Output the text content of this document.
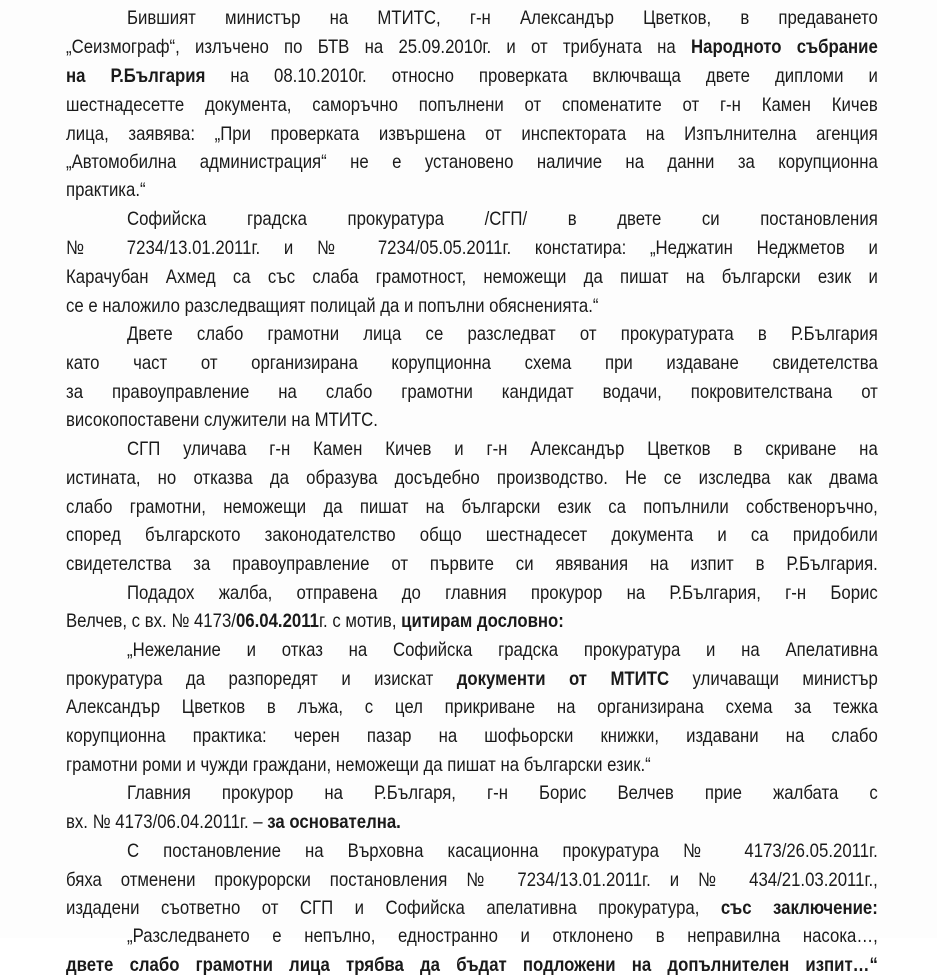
Бившият министър на МТИТС, г-н Александър Цветков, в предаването
„Сеизмограф“, излъчено по БТВ на 25.09.2010г. и от трибуната на Народното събрание
на Р.България на 08.10.2010г. относно проверката включваща двете дипломи и
шестнадесетте документа, саморъчно попълнени от споменатите от г-н Камен Кичев
лица, заявява: „При проверката извършена от инспектората на Изпълнителна агенция
„Автомобилна администрация“ не е установено наличие на данни за корупционна
практика.“
Софийска градска прокуратура /СГП/ в двете си постановления
№ 7234/13.01.2011г. и № 7234/05.05.2011г. констатира: „Неджатин Неджметов и
Карачубан Ахмед са със слаба грамотност, неможещи да пишат на български език и
се е наложило разследващият полицай да и попълни обясненията.“
Двете слабо грамотни лица се разследват от прокуратурата в Р.България
като част от организирана корупционна схема при издаване свидетелства
за правоуправление на слабо грамотни кандидат водачи, покровителствана от
високопоставени служители на МТИТС.
СГП уличава г-н Камен Кичев и г-н Александър Цветков в скриване на
истината, но отказва да образува досъдебно производство. Не се изследва как двама
слабо грамотни, неможещи да пишат на български език са попълнили собственоръчно,
според българското законодателство общо шестнадесет документа и са придобили
свидетелства за правоуправление от първите си явявания на изпит в Р.България.
Подадох жалба, отправена до главния прокурор на Р.България, г-н Борис
Велчев, с вх. № 4173/06.04.2011г. с мотив, цитирам дословно:
„Нежелание и отказ на Софийска градска прокуратура и на Апелативна
прокуратура да разпоредят и изискат документи от МТИТС уличаващи министър
Александър Цветков в лъжа, с цел прикриване на организирана схема за тежка
корупционна практика: черен пазар на шофьорски книжки, издавани на слабо
грамотни роми и чужди граждани, неможещи да пишат на български език.“
Главния прокурор на Р.Българя, г-н Борис Велчев прие жалбата с
вх. № 4173/06.04.2011г. – за основателна.
С постановление на Върховна касационна прокуратура № 4173/26.05.2011г.
бяха отменени прокурорски постановления № 7234/13.01.2011г. и № 434/21.03.2011г.,
издадени съответно от СГП и Софийска апелативна прокуратура, със заключение:
„Разследването е непълно, едностранно и отклонено в неправилна насока…,
двете слабо грамотни лица трябва да бъдат подложени на допълнителен изпит…“
